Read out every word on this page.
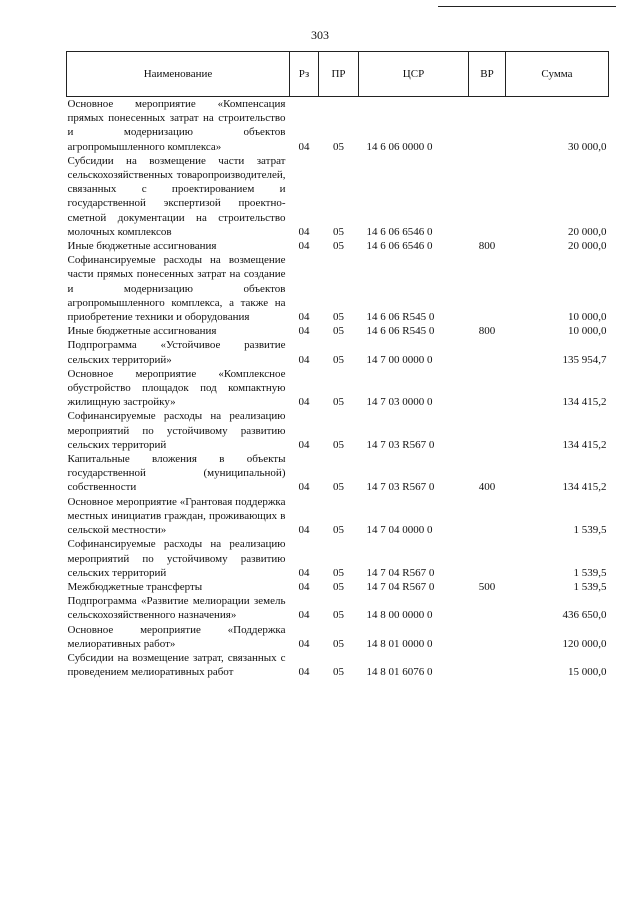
303
Наименование	Рз	ПР	ЦСР	ВР	Сумма
Основное мероприятие «Компенсация прямых понесенных затрат на строительство и модернизацию объектов агропромышленного комплекса»	04	05	14 6 06 0000 0		30 000,0
Субсидии на возмещение части затрат сельскохозяйственных товаропроизводителей, связанных с проектированием и государственной экспертизой проектно-сметной документации на строительство молочных комплексов	04	05	14 6 06 6546 0		20 000,0
Иные бюджетные ассигнования	04	05	14 6 06 6546 0	800	20 000,0
Софинансируемые расходы на возмещение части прямых понесенных затрат на создание и модернизацию объектов агропромышленного комплекса, а также на приобретение техники и оборудования	04	05	14 6 06 R545 0		10 000,0
Иные бюджетные ассигнования	04	05	14 6 06 R545 0	800	10 000,0
Подпрограмма «Устойчивое развитие сельских территорий»	04	05	14 7 00 0000 0		135 954,7
Основное мероприятие «Комплексное обустройство площадок под компактную жилищную застройку»	04	05	14 7 03 0000 0		134 415,2
Софинансируемые расходы на реализацию мероприятий по устойчивому развитию сельских территорий	04	05	14 7 03 R567 0		134 415,2
Капитальные вложения в объекты государственной (муниципальной) собственности	04	05	14 7 03 R567 0	400	134 415,2
Основное мероприятие «Грантовая поддержка местных инициатив граждан, проживающих в сельской местности»	04	05	14 7 04 0000 0		1 539,5
Софинансируемые расходы на реализацию мероприятий по устойчивому развитию сельских территорий	04	05	14 7 04 R567 0		1 539,5
Межбюджетные трансферты	04	05	14 7 04 R567 0	500	1 539,5
Подпрограмма «Развитие мелиорации земель сельскохозяйственного назначения»	04	05	14 8 00 0000 0		436 650,0
Основное мероприятие «Поддержка мелиоративных работ»	04	05	14 8 01 0000 0		120 000,0
Субсидии на возмещение затрат, связанных с проведением мелиоративных работ	04	05	14 8 01 6076 0		15 000,0
